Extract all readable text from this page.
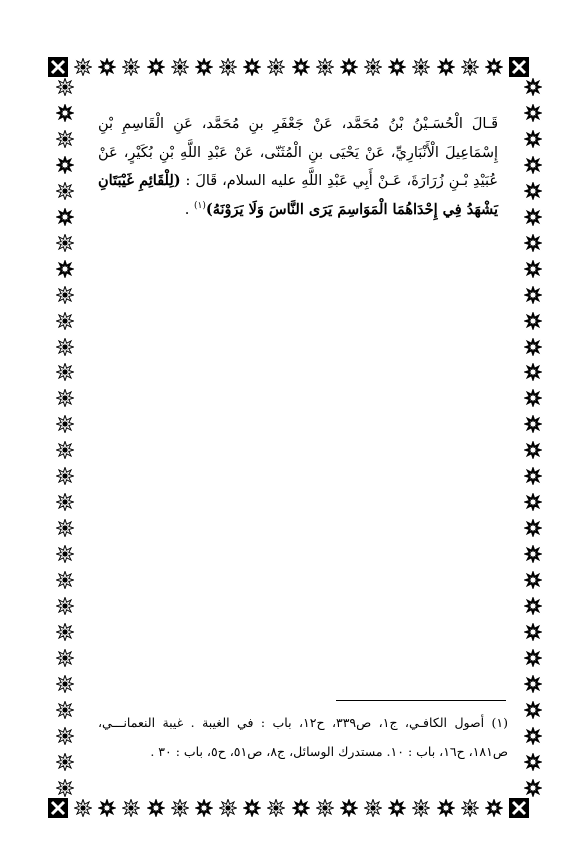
قَـالَ الْحُسَـيْنُ بْنُ مُحَمَّد، عَنْ جَعْفَرِ بنِ مُحَمَّد، عَنِ الْقَاسِمِ بْنِ إِسْمَاعِيلَ الْأَنْبَارِيِّ، عَنْ يَحْيَى بنِ الْمُثَنّى، عَنْ عَبْدِ اللَّهِ بْنِ بُكَيْرٍ، عَنْ عُبَيْدِ بْـنِ زُرَارَةَ، عَـنْ أَبِي عَبْدِ اللَّهِ عليه السلام، قَالَ : (لِلْقَائِمِ غَيْبَتَانِ يَشْهَدُ فِي إِحْدَاهُمَا الْمَوَاسِمَ يَرَى النَّاسَ وَلَا يَرَوْنَهُ)$^{(١)}$ .

(١) أصول الكافـي، ج١، ص٣٣٩، ح١٢، باب : في الغيبة . غيبة النعمانـــي، ص١٨١، ح١٦، باب : ١٠. مستدرك الوسائل، ج٨، ص٥١، ح٥، باب : ٣٠ .
